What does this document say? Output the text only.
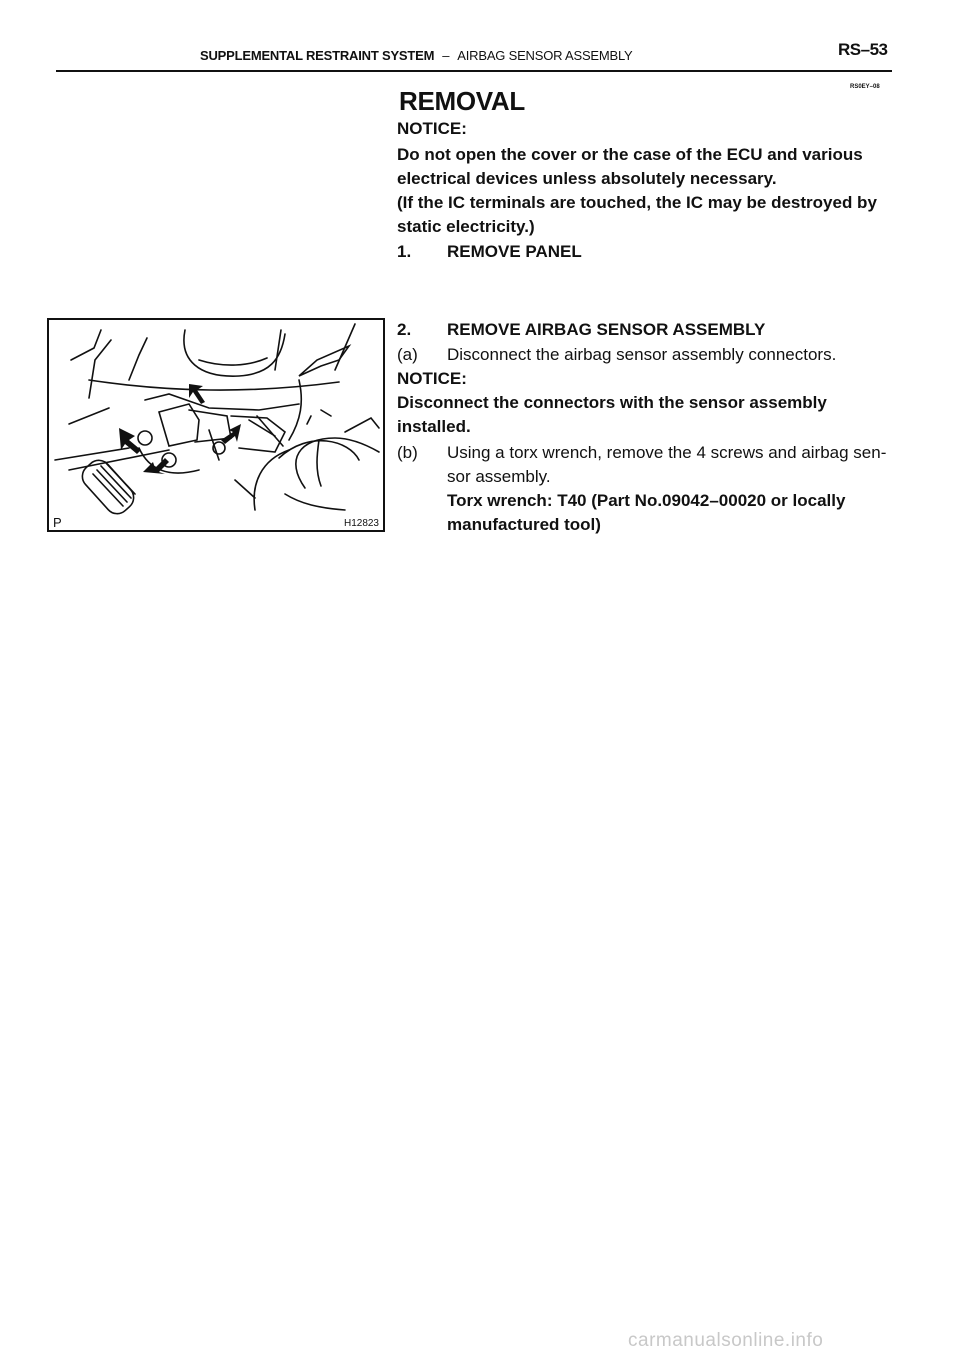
SUPPLEMENTAL RESTRAINT SYSTEM – AIRBAG SENSOR ASSEMBLY	RS–53
RS0EY–08
REMOVAL
NOTICE:
Do not open the cover or the case of the ECU and various
electrical devices unless absolutely necessary.
(If the IC terminals are touched, the IC may be destroyed by
static electricity.)
1. REMOVE PANEL
P	H12823
2. REMOVE AIRBAG SENSOR ASSEMBLY
(a) Disconnect the airbag sensor assembly connectors.
NOTICE:
Disconnect the connectors with the sensor assembly
installed.
(b) Using a torx wrench, remove the 4 screws and airbag sen-
sor assembly.
Torx wrench: T40 (Part No.09042–00020 or locally
manufactured tool)
carmanualsonline.info
